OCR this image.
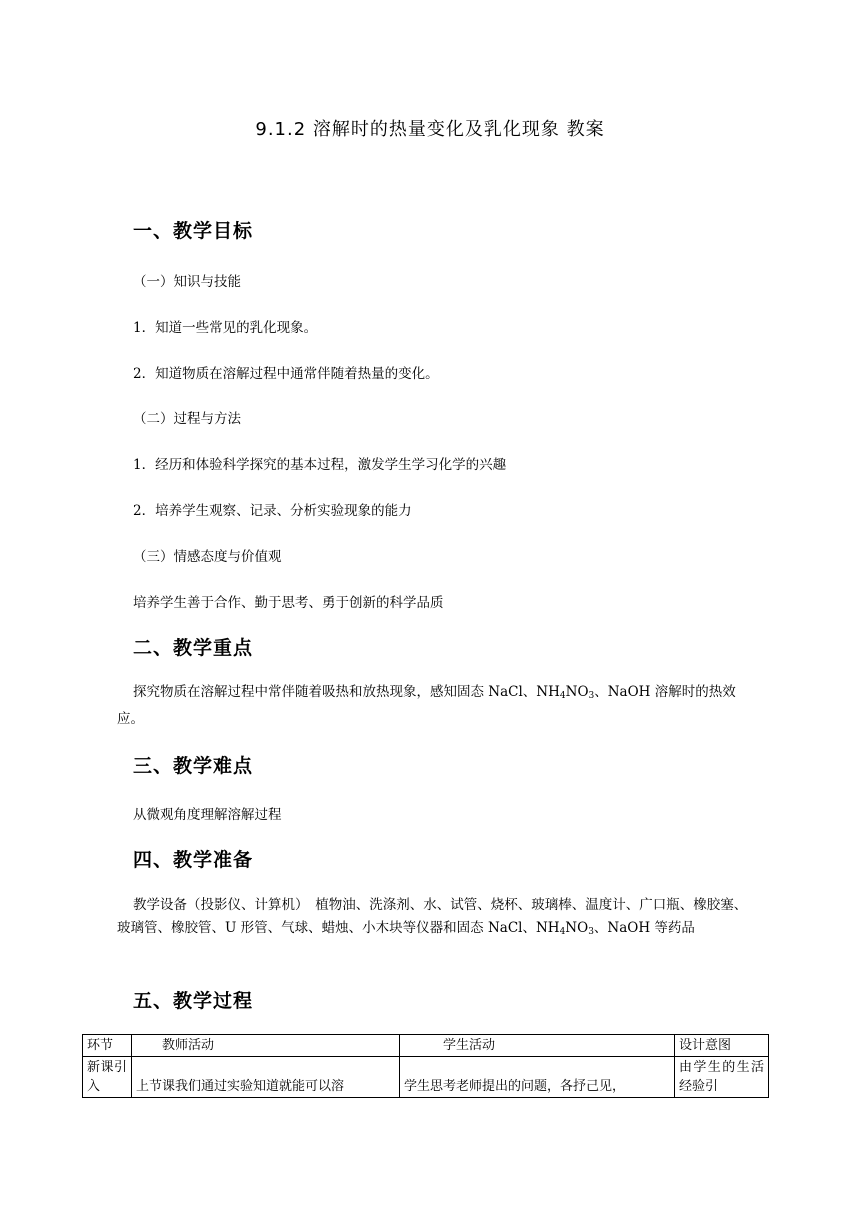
9.1.2 溶解时的热量变化及乳化现象 教案
一、教学目标
（一）知识与技能
1．知道一些常见的乳化现象。
2．知道物质在溶解过程中通常伴随着热量的变化。
（二）过程与方法
1．经历和体验科学探究的基本过程，激发学生学习化学的兴趣
2．培养学生观察、记录、分析实验现象的能力
（三）情感态度与价值观
培养学生善于合作、勤于思考、勇于创新的科学品质
二、教学重点
探究物质在溶解过程中常伴随着吸热和放热现象，感知固态 NaCl、$NH_4NO_3$、NaOH 溶解时的热效应。
三、教学难点
从微观角度理解溶解过程
四、教学准备
教学设备（投影仪、计算机）　植物油、洗涤剂、水、试管、烧杯、玻璃棒、温度计、广口瓶、橡胶塞、玻璃管、橡胶管、U 形管、气球、蜡烛、小木块等仪器和固态 NaCl、$NH_4NO_3$、NaOH 等药品
五、教学过程
环节	　　教师活动	　　　学生活动	设计意图
新课引入	上节课我们通过实验知道就能可以溶	学生思考老师提出的问题，各抒己见，	由学生的生活经验引
